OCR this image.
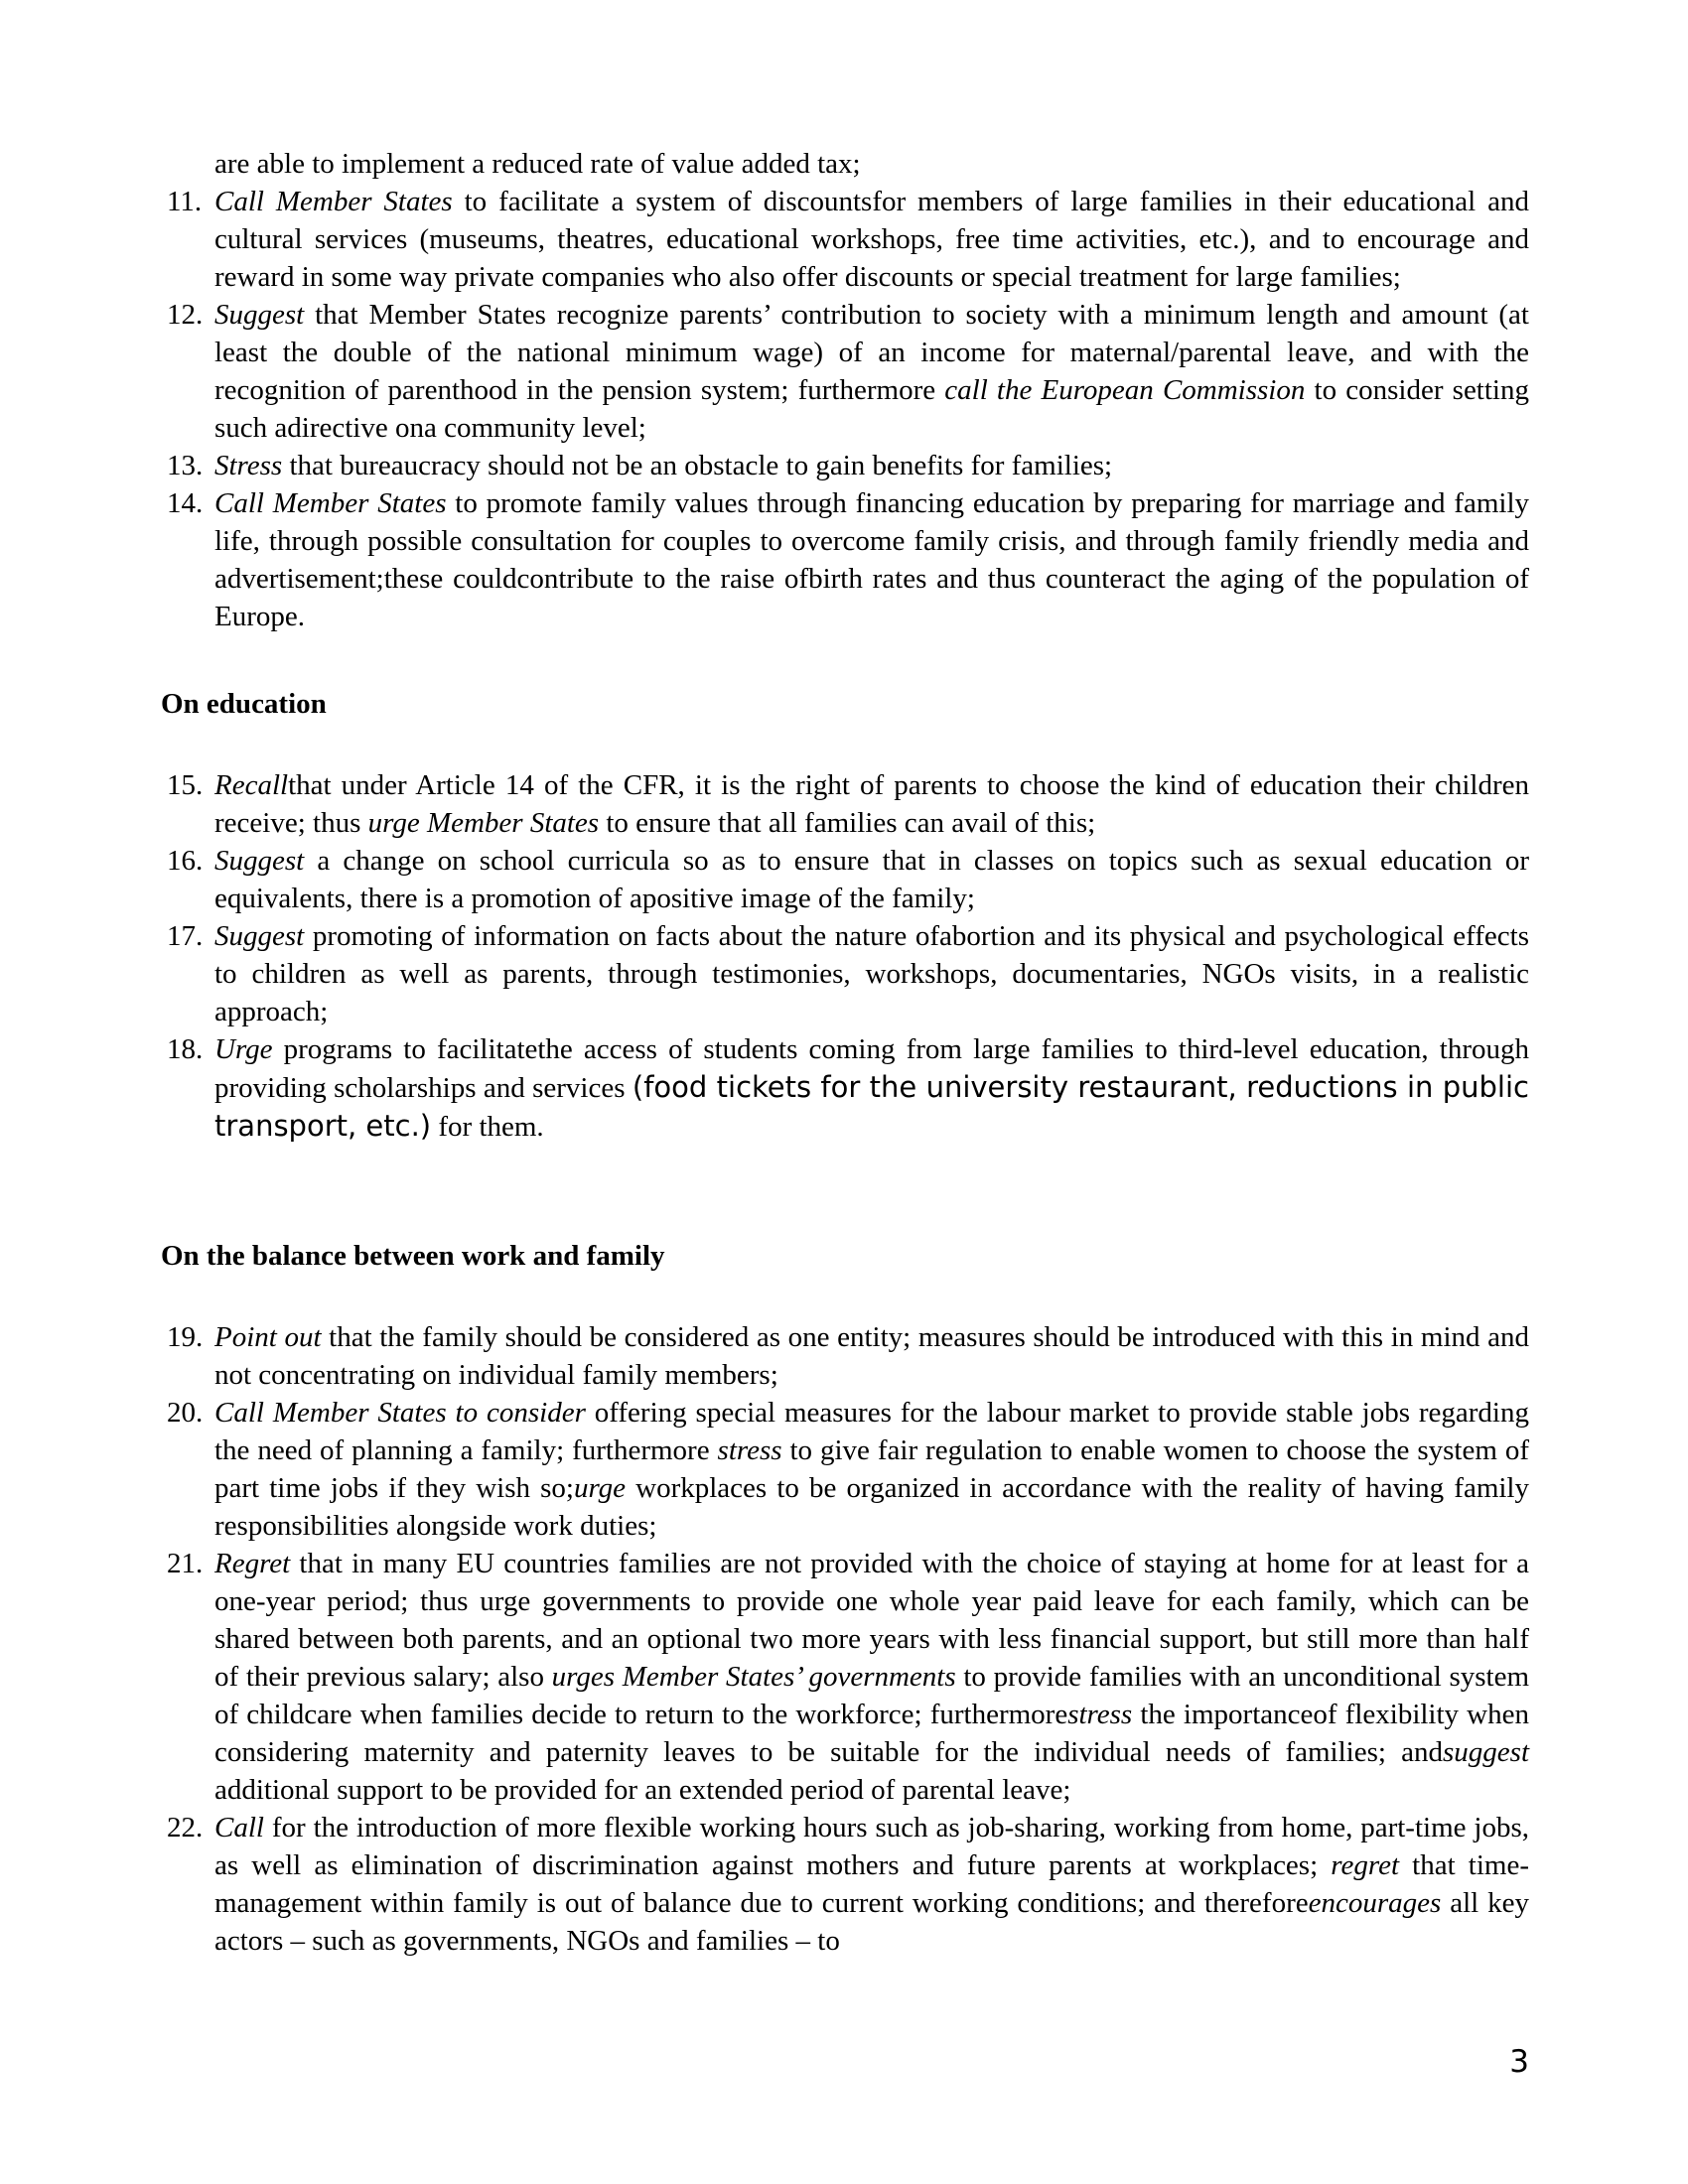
are able to implement a reduced rate of value added tax;
11. Call Member States to facilitate a system of discountsfor members of large families in their educational and cultural services (museums, theatres, educational workshops, free time activities, etc.), and to encourage and reward in some way private companies who also offer discounts or special treatment for large families;
12. Suggest that Member States recognize parents’ contribution to society with a minimum length and amount (at least the double of the national minimum wage) of an income for maternal/parental leave, and with the recognition of parenthood in the pension system; furthermore call the European Commission to consider setting such adirective ona community level;
13. Stress that bureaucracy should not be an obstacle to gain benefits for families;
14. Call Member States to promote family values through financing education by preparing for marriage and family life, through possible consultation for couples to overcome family crisis, and through family friendly media and advertisement;these couldcontribute to the raise ofbirth rates and thus counteract the aging of the population of Europe.
On education
15. Recallthat under Article 14 of the CFR, it is the right of parents to choose the kind of education their children receive; thus urge Member States to ensure that all families can avail of this;
16. Suggest a change on school curricula so as to ensure that in classes on topics such as sexual education or equivalents, there is a promotion of apositive image of the family;
17. Suggest promoting of information on facts about the nature ofabortion and its physical and psychological effects to children as well as parents, through testimonies, workshops, documentaries, NGOs visits, in a realistic approach;
18. Urge programs to facilitatethe access of students coming from large families to third-level education, through providing scholarships and services (food tickets for the university restaurant, reductions in public transport, etc.) for them.
On the balance between work and family
19. Point out that the family should be considered as one entity; measures should be introduced with this in mind and not concentrating on individual family members;
20. Call Member States to consider offering special measures for the labour market to provide stable jobs regarding the need of planning a family; furthermore stress to give fair regulation to enable women to choose the system of part time jobs if they wish so;urge workplaces to be organized in accordance with the reality of having family responsibilities alongside work duties;
21. Regret that in many EU countries families are not provided with the choice of staying at home for at least for a one-year period; thus urge governments to provide one whole year paid leave for each family, which can be shared between both parents, and an optional two more years with less financial support, but still more than half of their previous salary; also urges Member States’ governments to provide families with an unconditional system of childcare when families decide to return to the workforce; furthermorestress the importanceof flexibility when considering maternity and paternity leaves to be suitable for the individual needs of families; andsuggest additional support to be provided for an extended period of parental leave;
22. Call for the introduction of more flexible working hours such as job-sharing, working from home, part-time jobs, as well as elimination of discrimination against mothers and future parents at workplaces; regret that time-management within family is out of balance due to current working conditions; and thereforeencourages all key actors – such as governments, NGOs and families – to
3
